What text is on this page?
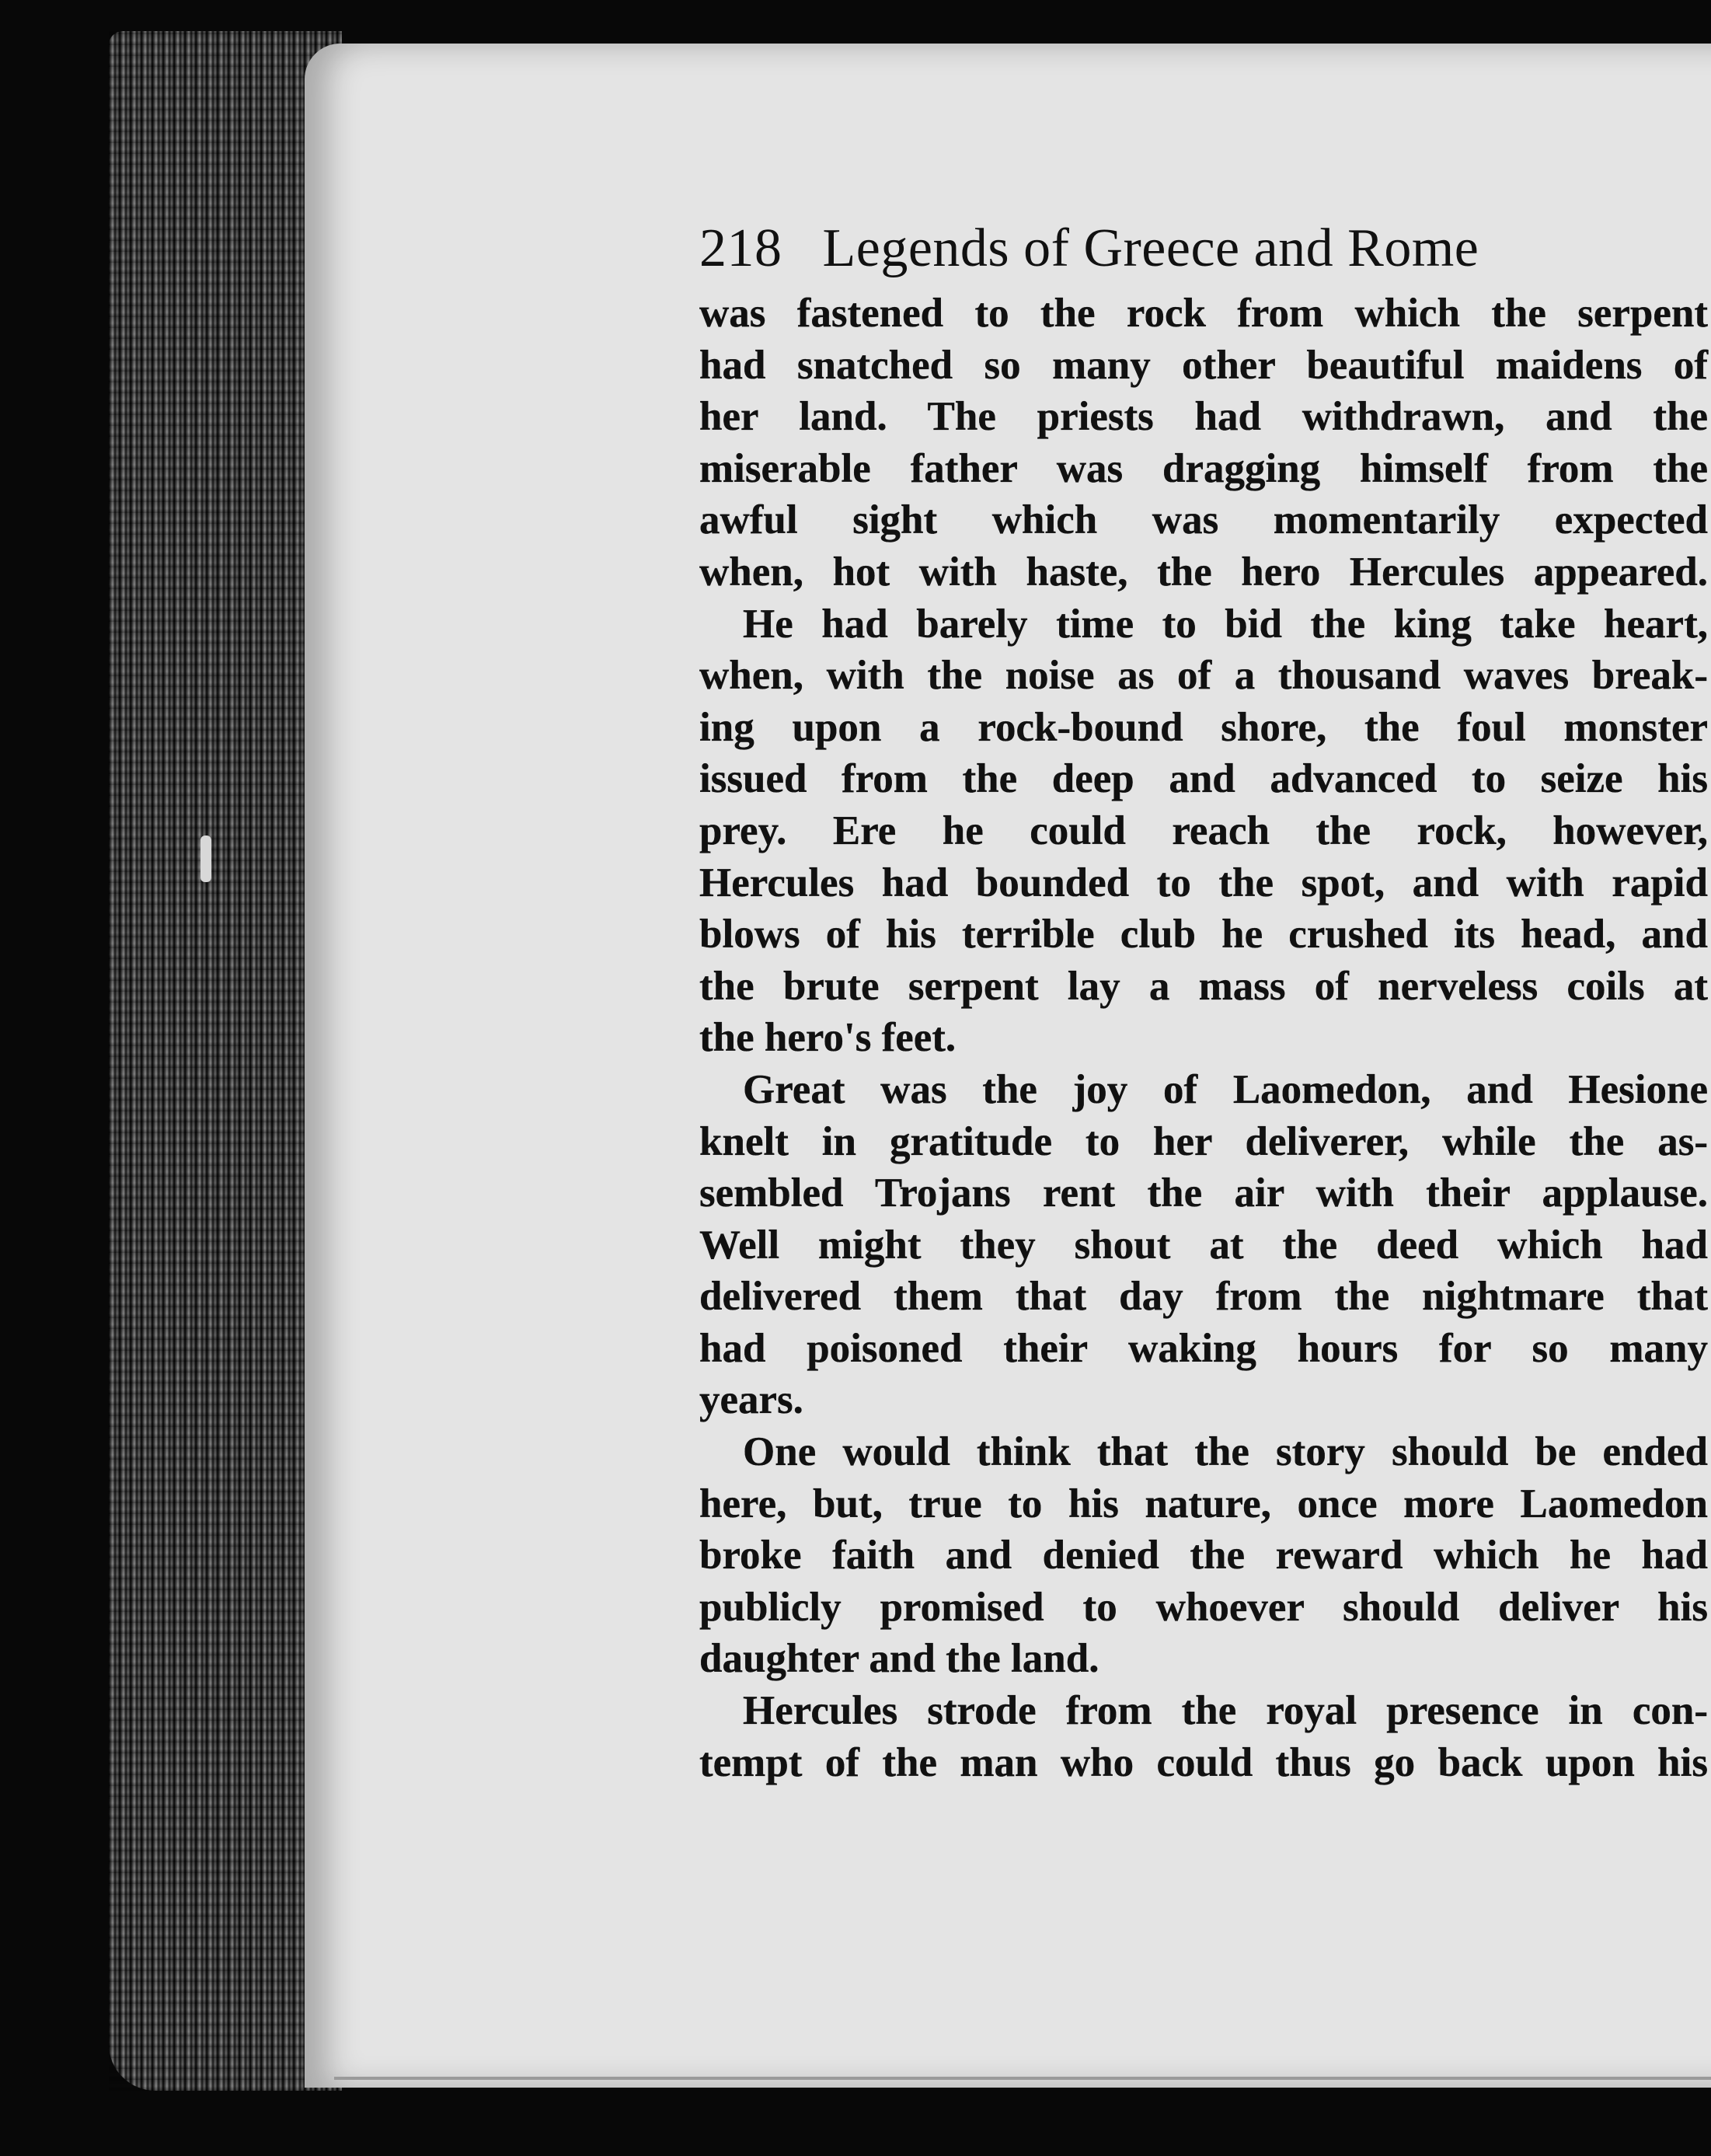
218 Legends of Greece and Rome
was fastened to the rock from which the serpent
had snatched so many other beautiful maidens of
her land. The priests had withdrawn, and the
miserable father was dragging himself from the
awful sight which was momentarily expected
when, hot with haste, the hero Hercules appeared.
He had barely time to bid the king take heart,
when, with the noise as of a thousand waves break-
ing upon a rock-bound shore, the foul monster
issued from the deep and advanced to seize his
prey. Ere he could reach the rock, however,
Hercules had bounded to the spot, and with rapid
blows of his terrible club he crushed its head, and
the brute serpent lay a mass of nerveless coils at
the hero's feet.
Great was the joy of Laomedon, and Hesione
knelt in gratitude to her deliverer, while the as-
sembled Trojans rent the air with their applause.
Well might they shout at the deed which had
delivered them that day from the nightmare that
had poisoned their waking hours for so many
years.
One would think that the story should be ended
here, but, true to his nature, once more Laomedon
broke faith and denied the reward which he had
publicly promised to whoever should deliver his
daughter and the land.
Hercules strode from the royal presence in con-
tempt of the man who could thus go back upon his
